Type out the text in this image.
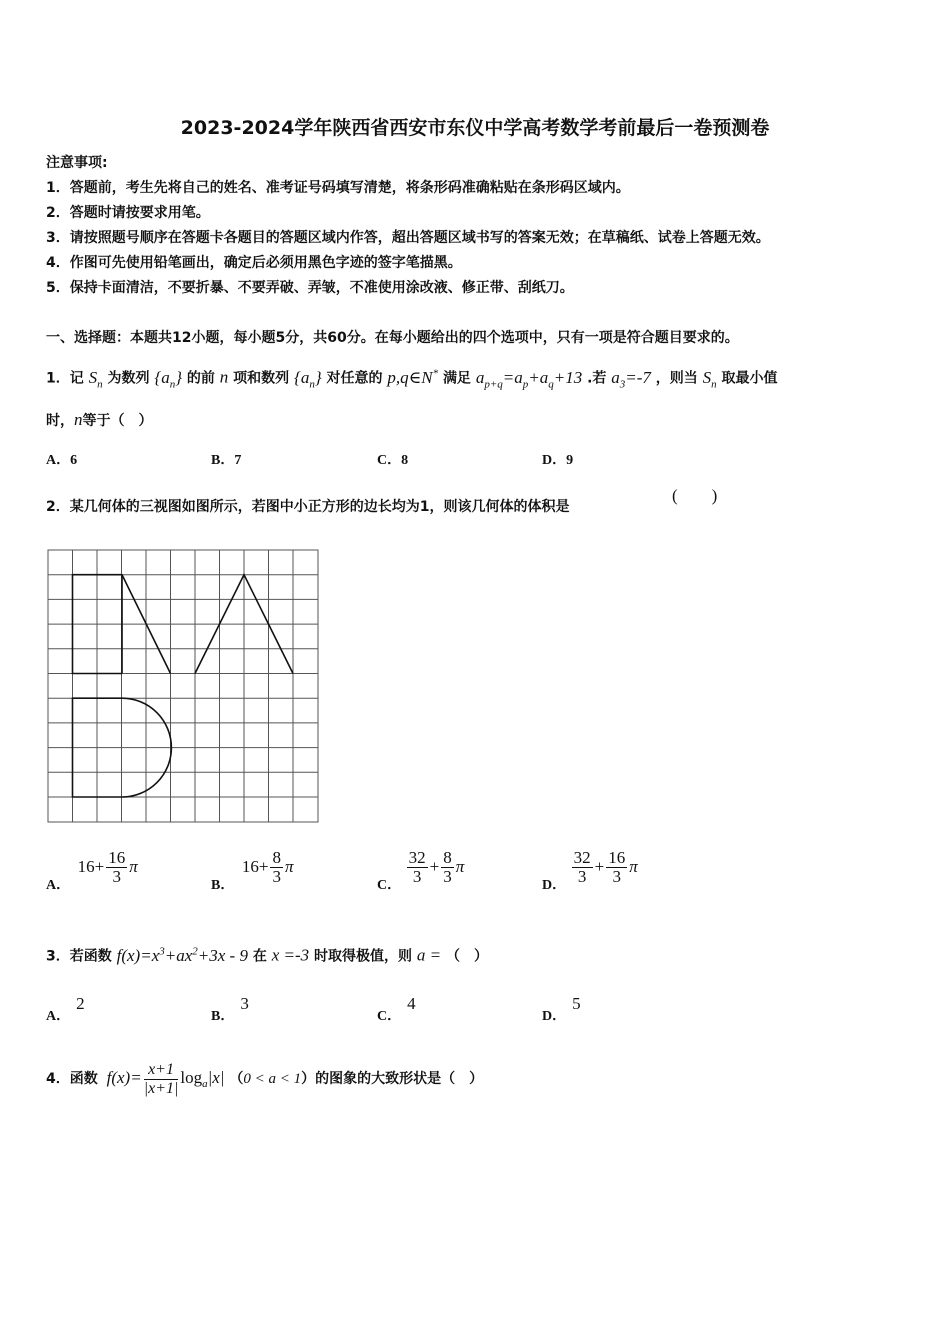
2023-2024学年陕西省西安市东仪中学高考数学考前最后一卷预测卷
注意事项:
1．答题前，考生先将自己的姓名、准考证号码填写清楚，将条形码准确粘贴在条形码区域内。
2．答题时请按要求用笔。
3．请按照题号顺序在答题卡各题目的答题区域内作答，超出答题区域书写的答案无效；在草稿纸、试卷上答题无效。
4．作图可先使用铅笔画出，确定后必须用黑色字迹的签字笔描黑。
5．保持卡面清洁，不要折暴、不要弄破、弄皱，不准使用涂改液、修正带、刮纸刀。
一、选择题：本题共12小题，每小题5分，共60分。在每小题给出的四个选项中，只有一项是符合题目要求的。
1．记 $S_n$ 为数列 $\{a_n\}$ 的前 n 项和数列 $\{a_n\}$ 对任意的 p,q∈N* 满足 $a_{p+q}=a_p+a_q+13$ .若 $a_3=-7$ ，则当 $S_n$ 取最小值
时，n等于（　）
A．6	B．7	C．8	D．9
2．某几何体的三视图如图所示，若图中小正方形的边长均为1，则该几何体的体积是
(　　)
A． $16+ \frac{16}{3}$ π
B． $16+ \frac{8}{3}$ π
C． $\frac{32}{3} + \frac{8}{3}$ π
D． $\frac{32}{3} + \frac{16}{3}$ π
3．若函数 $f(x)=x^3+ax^2+3x - 9$ 在 x =-3 时取得极值，则 a = （　）
A．2
B．3
C．4
D．5
4．函数 $f(x)= \frac{x+1}{|x+1|} \log_a|x|$ （0 < a < 1）的图象的大致形状是（　）
